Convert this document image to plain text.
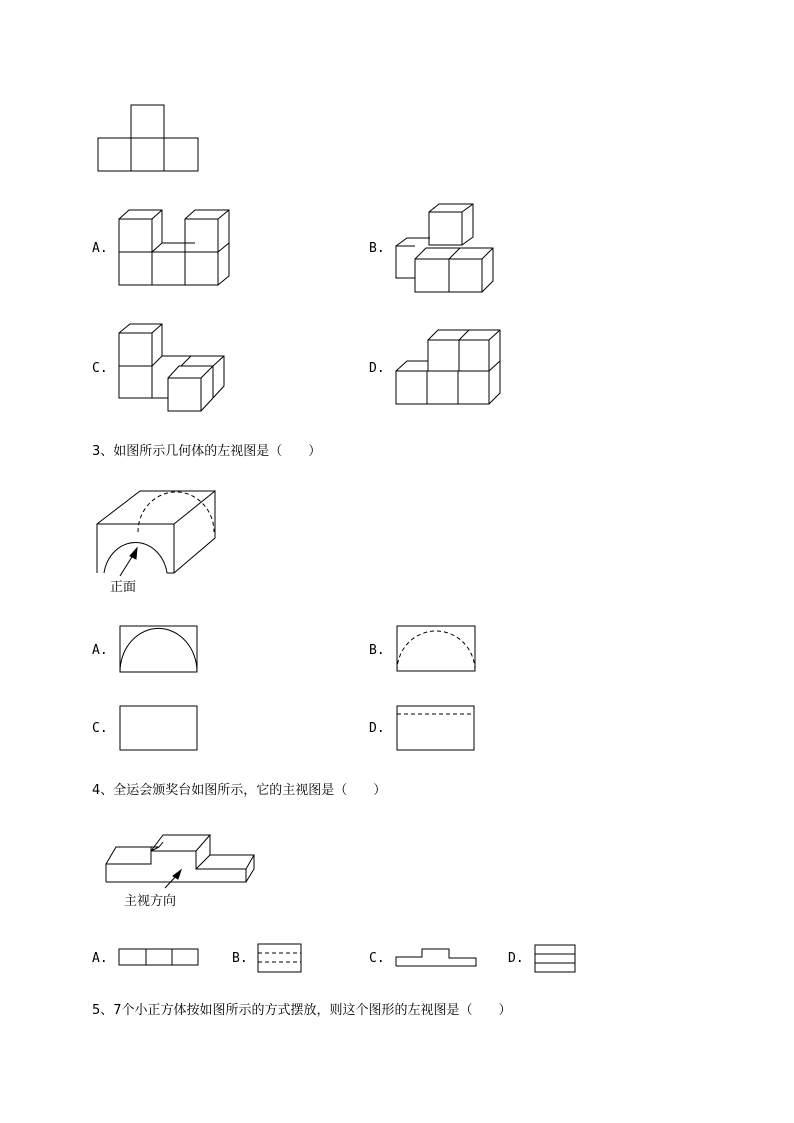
A.	B.
C.	D.
3、如图所示几何体的左视图是（　　）
正面
A.	B.
C.	D.
4、全运会颁奖台如图所示，它的主视图是（　　）
主视方向
A.	B.	C.	D.
5、7个小正方体按如图所示的方式摆放，则这个图形的左视图是（　　）
